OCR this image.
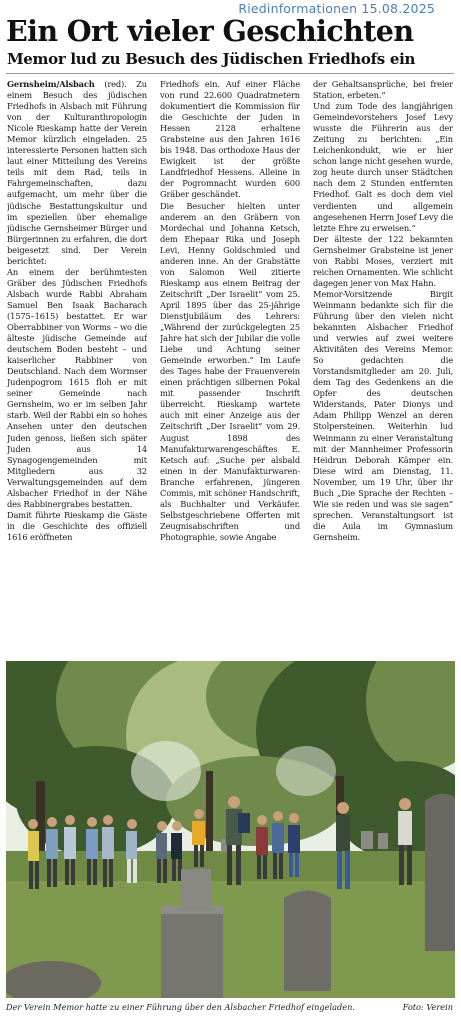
Riedinformationen 15.08.2025
Ein Ort vieler Geschichten
Memor lud zu Besuch des Jüdischen Friedhofs ein

Gernsheim/Alsbach (red). Zu einem Besuch des jüdischen Friedhofs in Alsbach mit Führung von der Kulturanthropologin Nicole Rieskamp hatte der Verein Memor kürzlich eingeladen. 25 interessierte Personen hatten sich laut einer Mitteilung des Vereins teils mit dem Rad, teils in Fahrgemeinschaften, dazu aufgemacht, um mehr über die jüdische Bestattungskultur und im speziellen über ehemalige jüdische Gernsheimer Bürger und Bürgerinnen zu erfahren, die dort beigesetzt sind. Der Verein berichtet:

An einem der berühmtesten Gräber des Jüdischen Friedhofs Alsbach wurde Rabbi Abraham Samuel Ben Isaak Bacharach (1575–1615) bestattet. Er war Oberrabbiner von Worms – wo die älteste jüdische Gemeinde auf deutschem Boden besteht – und kaiserlicher Rabbiner von Deutschland. Nach dem Wormser Judenpogrom 1615 floh er mit seiner Gemeinde nach Gernsheim, wo er im selben Jahr starb. Weil der Rabbi ein so hohes Ansehen unter den deutschen Juden genoss, ließen sich später Juden aus 14 Synagogengemeinden mit Mitgliedern aus 32 Verwaltungsgemeinden auf dem Alsbacher Friedhof in der Nähe des Rabbinergrabes bestatten.

Damit führte Rieskamp die Gäste in die Geschichte des offiziell 1616 eröffneten

Friedhofs ein. Auf einer Fläche von rund 22.600 Quadratmetern dokumentiert die Kommission für die Geschichte der Juden in Hessen 2128 erhaltene Grabsteine aus den Jahren 1616 bis 1948. Das orthodoxe Haus der Ewigkeit ist der größte Landfriedhof Hessens. Alleine in der Pogromnacht wurden 600 Gräber geschändet.

Die Besucher hielten unter anderem an den Gräbern von Mordechai und Johanna Ketsch, dem Ehepaar Rika und Joseph Levi, Henny Goldschmied und anderen inne. An der Grabstätte von Salomon Weil zitierte Rieskamp aus einem Beitrag der Zeitschrift „Der Israelit“ vom 25. April 1895 über das 25-jährige Dienstjubiläum des Lehrers: „Während der zurückgelegten 25 Jahre hat sich der Jubilar die volle Liebe und Achtung seiner Gemeinde erworben.“ Im Laufe des Tages habe der Frauenverein einen prächtigen silbernen Pokal mit passender Inschrift überreicht. Rieskamp wartete auch mit einer Anzeige aus der Zeitschrift „Der Israelit“ vom 29. August 1898 des Manufakturwarengeschäftes E. Ketsch auf: „Suche per alsbald einen in der Manufakturwaren-Branche erfahrenen, jüngeren Commis, mit schöner Handschrift, als Buchhalter und Verkäufer. Selbstgeschriebene Offerten mit Zeugnisabschriften und Photographie, sowie Angabe

der Gehaltsansprüche, bei freier Station, erbeten.“

Und zum Tode des langjährigen Gemeindevorstehers Josef Levy wusste die Führerin aus der Zeitung zu berichten: „Ein Leichenkondukt, wie er hier schon lange nicht gesehen wurde, zog heute durch unser Städtchen nach dem 2 Stunden entfernten Friedhof. Galt es doch dem viel verdienten und allgemein angesehenen Herrn Josef Levy die letzte Ehre zu erweisen.“

Der älteste der 122 bekannten Gernsheimer Grabsteine ist jener von Rabbi Moses, verziert mit reichen Ornamenten. Wie schlicht dagegen jener von Max Hahn.

Memor-Vorsitzende Birgit Weinmann bedankte sich für die Führung über den vielen nicht bekannten Alsbacher Friedhof und verwies auf zwei weitere Aktivitäten des Vereins Memor. So gedachten die Vorstandsmitglieder am 20. Juli, dem Tag des Gedenkens an die Opfer des deutschen Widerstands, Pater Dionys und Adam Philipp Wenzel an deren Stolpersteinen. Weiterhin lud Weinmann zu einer Veranstaltung mit der Mannheimer Professorin Heidrun Deborah Kämper ein. Diese wird am Dienstag, 11. November, um 19 Uhr, über ihr Buch „Die Sprache der Rechten – Wie sie reden und was sie sagen“ sprechen. Veranstaltungsort ist die Aula im Gymnasium Gernsheim.

Der Verein Memor hatte zu einer Führung über den Alsbacher Friedhof eingeladen.	Foto: Verein
